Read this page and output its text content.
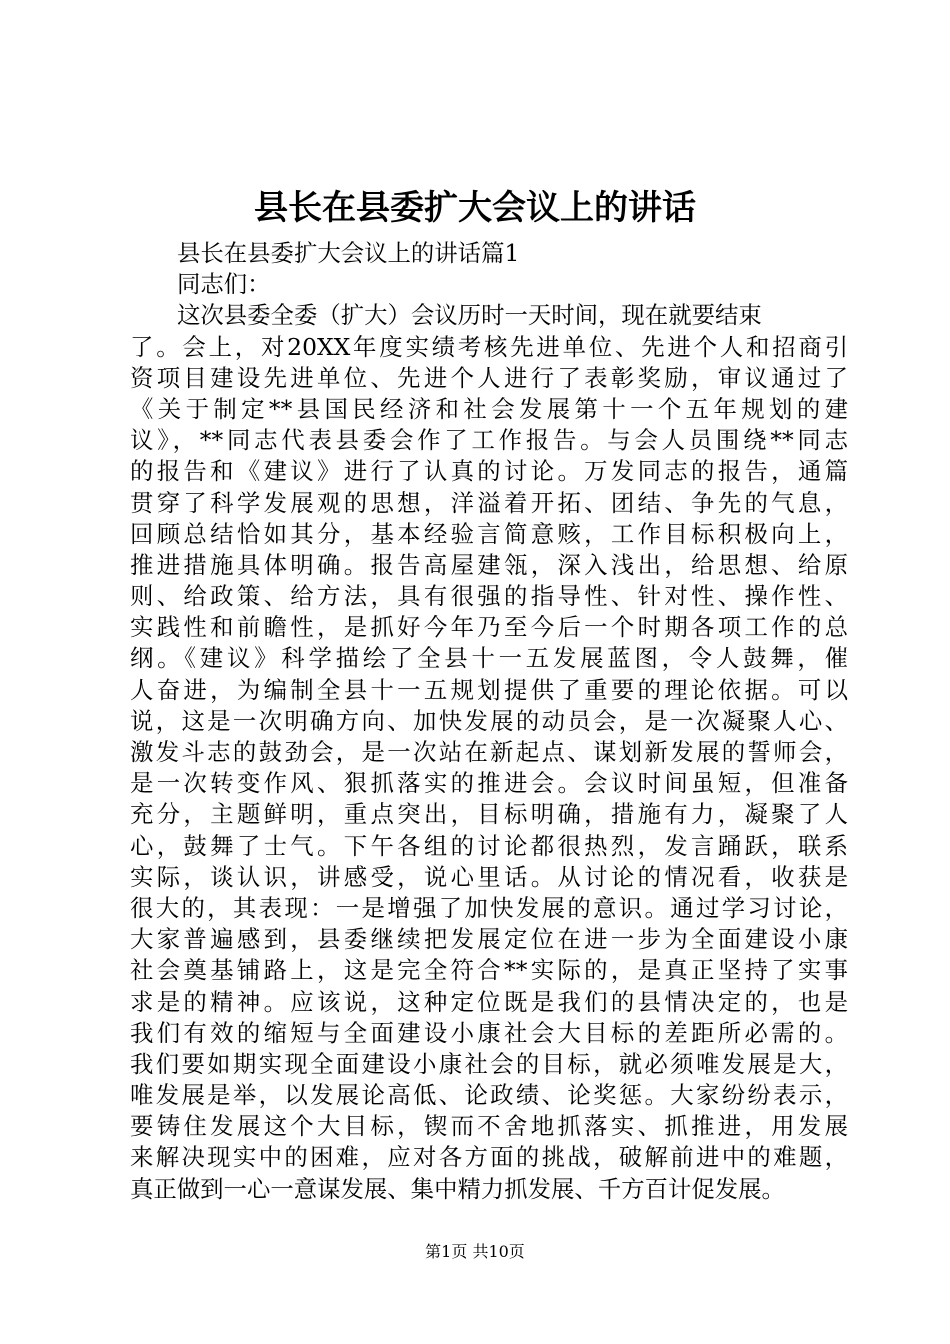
县长在县委扩大会议上的讲话
县长在县委扩大会议上的讲话篇1
同志们：
这次县委全委（扩大）会议历时一天时间，现在就要结束
了。会上，对20XX年度实绩考核先进单位、先进个人和招商引
资项目建设先进单位、先进个人进行了表彰奖励，审议通过了
《关于制定**县国民经济和社会发展第十一个五年规划的建
议》，**同志代表县委会作了工作报告。与会人员围绕**同志
的报告和《建议》进行了认真的讨论。万发同志的报告，通篇
贯穿了科学发展观的思想，洋溢着开拓、团结、争先的气息，
回顾总结恰如其分，基本经验言简意赅，工作目标积极向上，
推进措施具体明确。报告高屋建瓴，深入浅出，给思想、给原
则、给政策、给方法，具有很强的指导性、针对性、操作性、
实践性和前瞻性，是抓好今年乃至今后一个时期各项工作的总
纲。《建议》科学描绘了全县十一五发展蓝图，令人鼓舞，催
人奋进，为编制全县十一五规划提供了重要的理论依据。可以
说，这是一次明确方向、加快发展的动员会，是一次凝聚人心、
激发斗志的鼓劲会，是一次站在新起点、谋划新发展的誓师会，
是一次转变作风、狠抓落实的推进会。会议时间虽短，但准备
充分，主题鲜明，重点突出，目标明确，措施有力，凝聚了人
心，鼓舞了士气。下午各组的讨论都很热烈，发言踊跃，联系
实际，谈认识，讲感受，说心里话。从讨论的情况看，收获是
很大的，其表现：一是增强了加快发展的意识。通过学习讨论，
大家普遍感到，县委继续把发展定位在进一步为全面建设小康
社会奠基铺路上，这是完全符合**实际的，是真正坚持了实事
求是的精神。应该说，这种定位既是我们的县情决定的，也是
我们有效的缩短与全面建设小康社会大目标的差距所必需的。
我们要如期实现全面建设小康社会的目标，就必须唯发展是大，
唯发展是举，以发展论高低、论政绩、论奖惩。大家纷纷表示，
要铸住发展这个大目标，锲而不舍地抓落实、抓推进，用发展
来解决现实中的困难，应对各方面的挑战，破解前进中的难题，
真正做到一心一意谋发展、集中精力抓发展、千方百计促发展。
第1页 共10页
